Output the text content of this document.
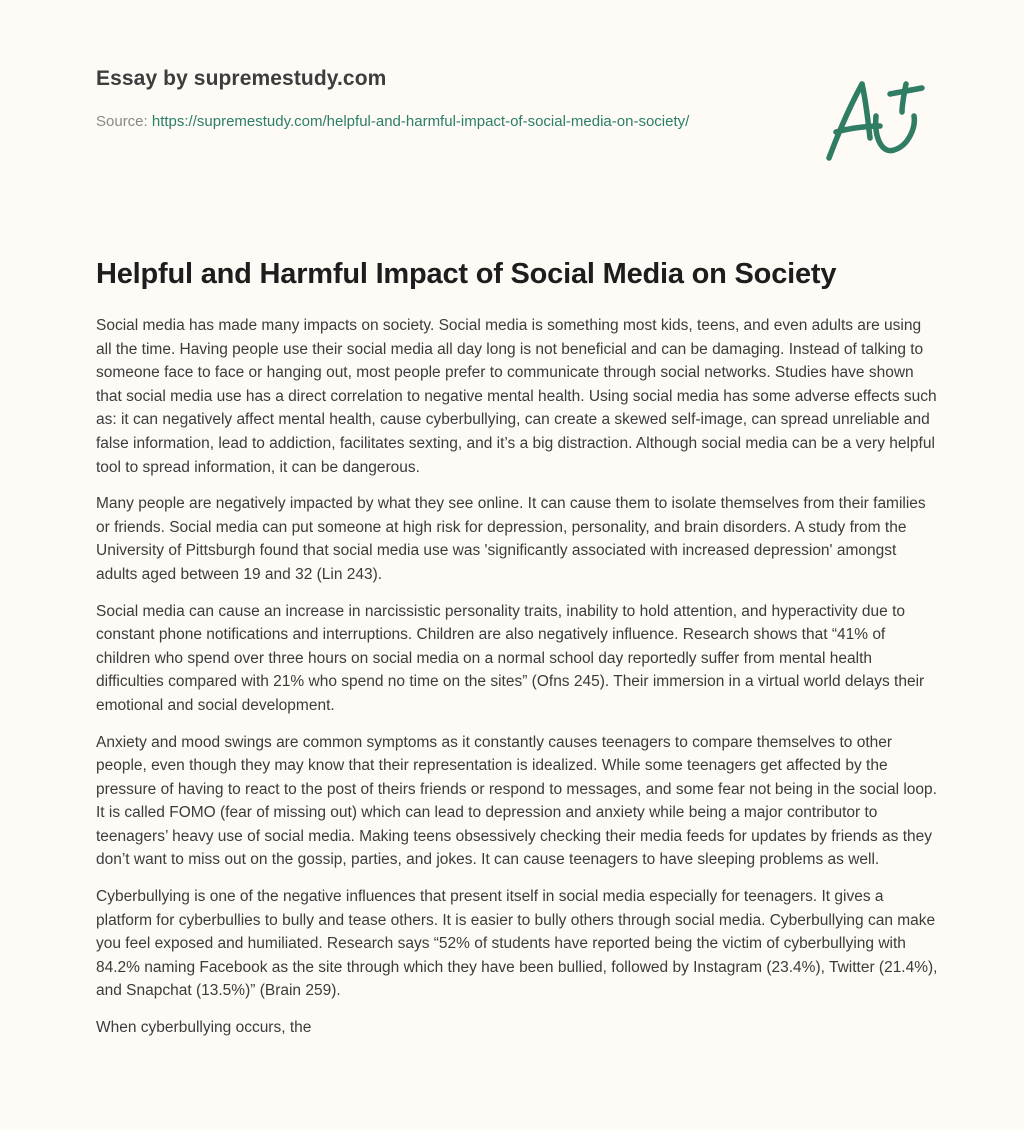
Essay by supremestudy.com
Source: https://supremestudy.com/helpful-and-harmful-impact-of-social-media-on-society/
Helpful and Harmful Impact of Social Media on Society

Social media has made many impacts on society. Social media is something most kids, teens, and even adults are using all the time. Having people use their social media all day long is not beneficial and can be damaging. Instead of talking to someone face to face or hanging out, most people prefer to communicate through social networks. Studies have shown that social media use has a direct correlation to negative mental health. Using social media has some adverse effects such as: it can negatively affect mental health, cause cyberbullying, can create a skewed self-image, can spread unreliable and false information, lead to addiction, facilitates sexting, and it’s a big distraction. Although social media can be a very helpful tool to spread information, it can be dangerous.

Many people are negatively impacted by what they see online. It can cause them to isolate themselves from their families or friends. Social media can put someone at high risk for depression, personality, and brain disorders. A study from the University of Pittsburgh found that social media use was 'significantly associated with increased depression' amongst adults aged between 19 and 32 (Lin 243).

Social media can cause an increase in narcissistic personality traits, inability to hold attention, and hyperactivity due to constant phone notifications and interruptions. Children are also negatively influence. Research shows that “41% of children who spend over three hours on social media on a normal school day reportedly suffer from mental health difficulties compared with 21% who spend no time on the sites” (Ofns 245). Their immersion in a virtual world delays their emotional and social development.

Anxiety and mood swings are common symptoms as it constantly causes teenagers to compare themselves to other people, even though they may know that their representation is idealized. While some teenagers get affected by the pressure of having to react to the post of theirs friends or respond to messages, and some fear not being in the social loop. It is called FOMO (fear of missing out) which can lead to depression and anxiety while being a major contributor to teenagers’ heavy use of social media. Making teens obsessively checking their media feeds for updates by friends as they don’t want to miss out on the gossip, parties, and jokes. It can cause teenagers to have sleeping problems as well.

Cyberbullying is one of the negative influences that present itself in social media especially for teenagers. It gives a platform for cyberbullies to bully and tease others. It is easier to bully others through social media. Cyberbullying can make you feel exposed and humiliated. Research says “52% of students have reported being the victim of cyberbullying with 84.2% naming Facebook as the site through which they have been bullied, followed by Instagram (23.4%), Twitter (21.4%), and Snapchat (13.5%)” (Brain 259).

When cyberbullying occurs, the
